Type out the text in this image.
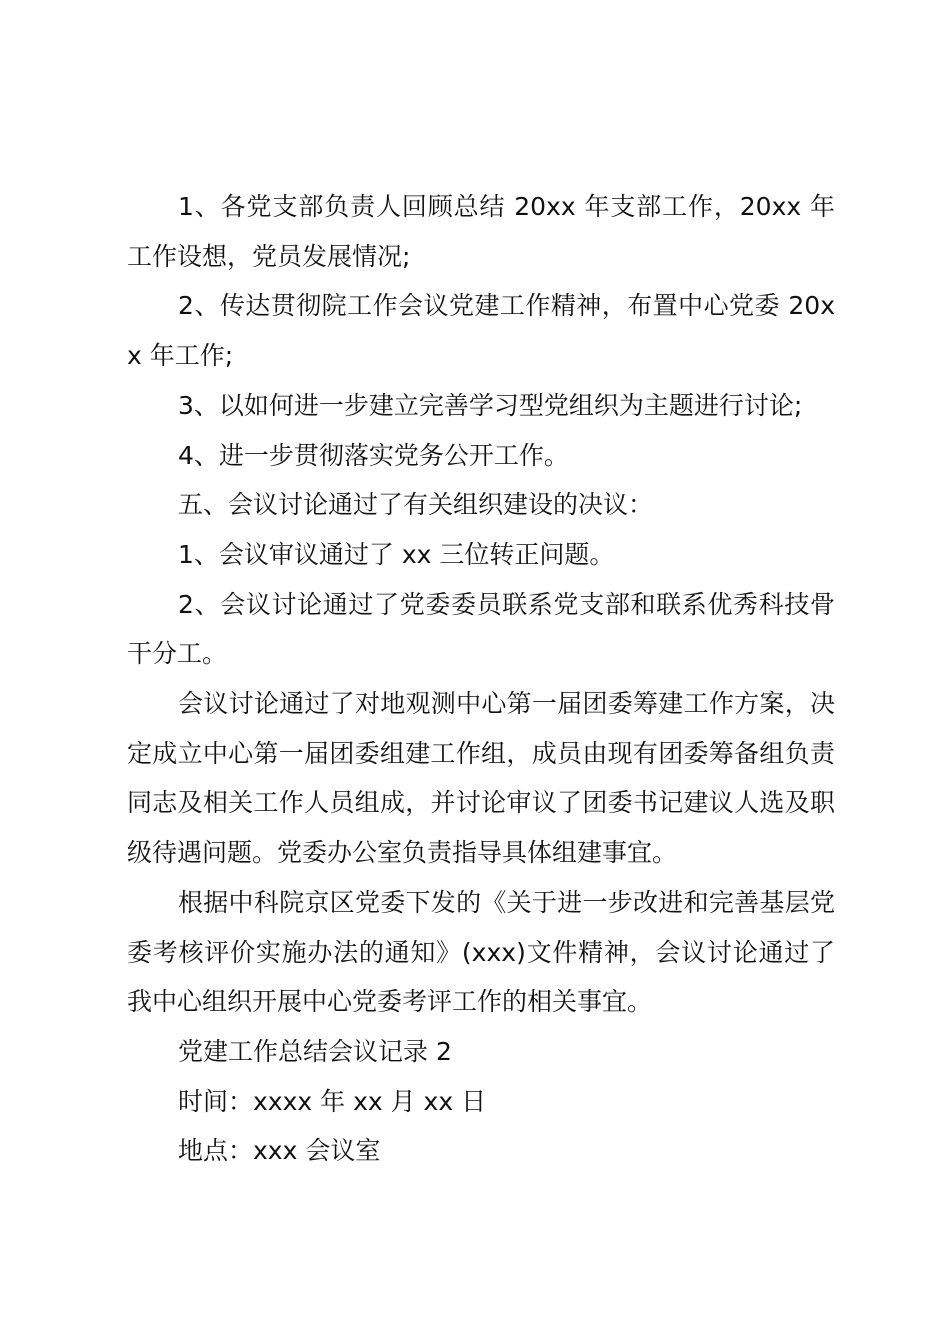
1、各党支部负责人回顾总结 20xx 年支部工作，20xx 年工作设想，党员发展情况;

2、传达贯彻院工作会议党建工作精神，布置中心党委 20xx 年工作;

3、以如何进一步建立完善学习型党组织为主题进行讨论;

4、进一步贯彻落实党务公开工作。

五、会议讨论通过了有关组织建设的决议：

1、会议审议通过了 xx 三位转正问题。

2、会议讨论通过了党委委员联系党支部和联系优秀科技骨干分工。

会议讨论通过了对地观测中心第一届团委筹建工作方案，决定成立中心第一届团委组建工作组，成员由现有团委筹备组负责同志及相关工作人员组成，并讨论审议了团委书记建议人选及职级待遇问题。党委办公室负责指导具体组建事宜。

根据中科院京区党委下发的《关于进一步改进和完善基层党委考核评价实施办法的通知》(xxx)文件精神，会议讨论通过了我中心组织开展中心党委考评工作的相关事宜。

党建工作总结会议记录 2

时间：xxxx 年 xx 月 xx 日

地点：xxx 会议室
